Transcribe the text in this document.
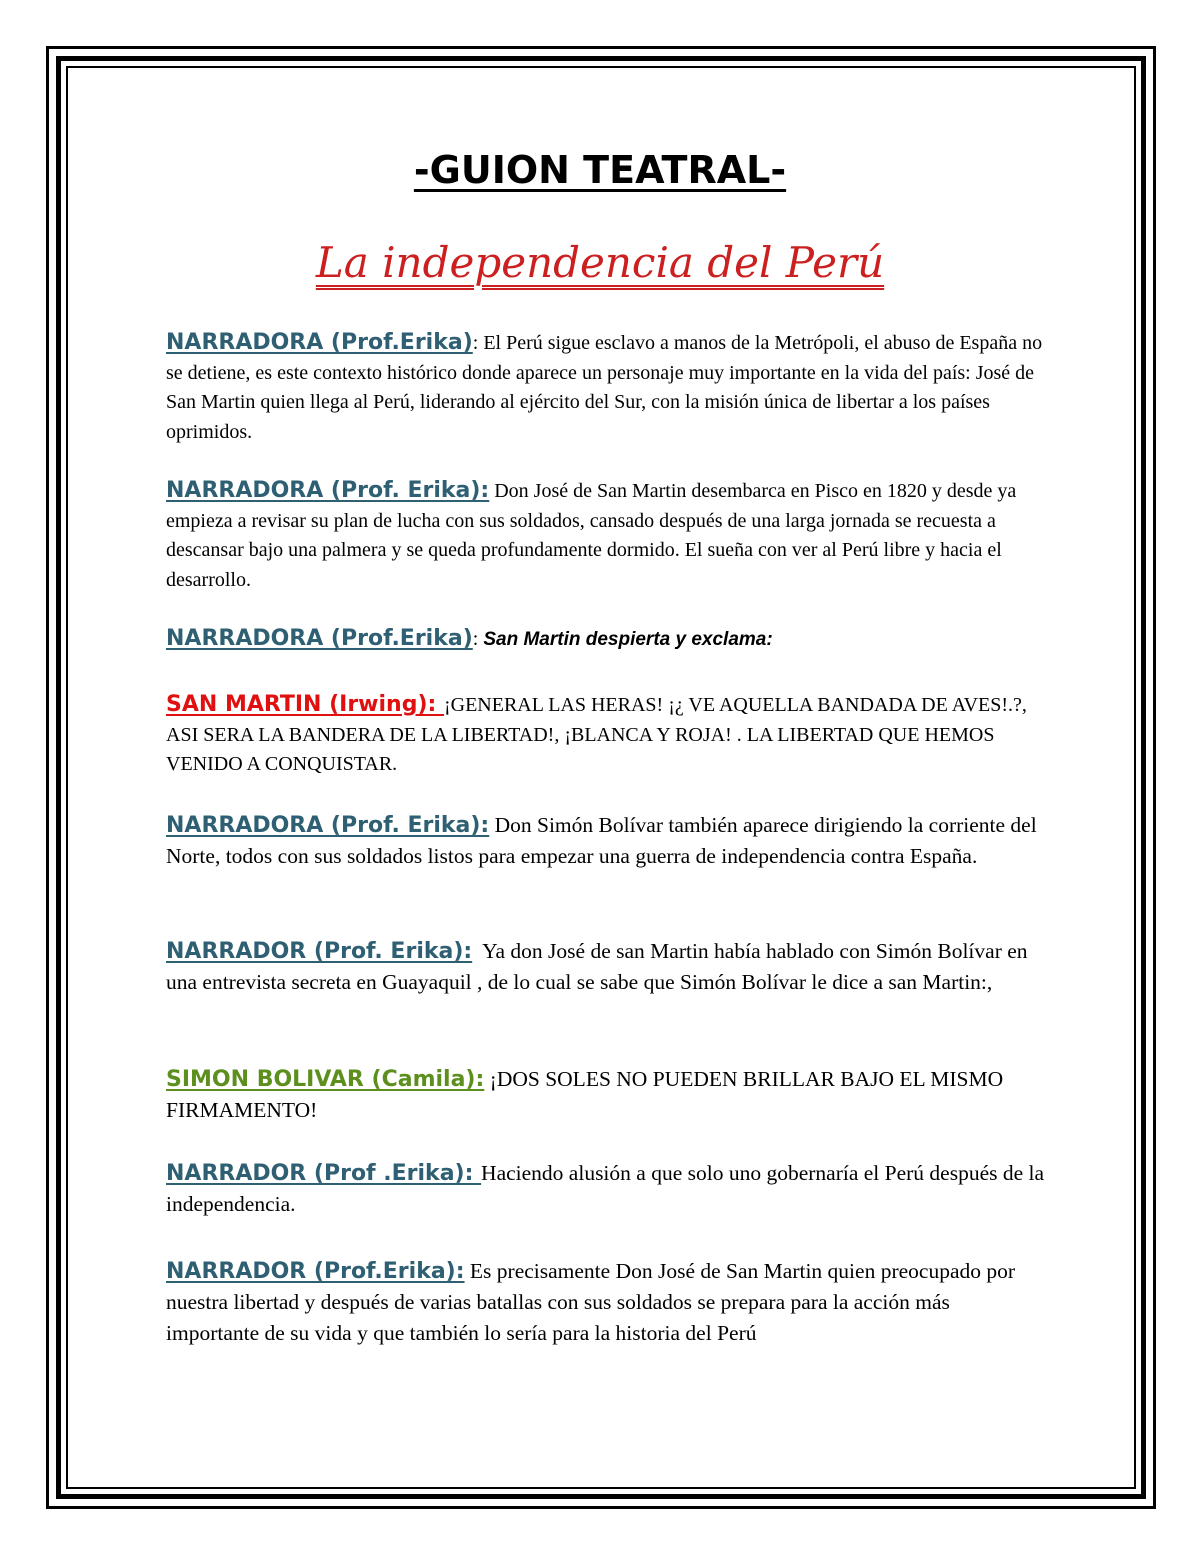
-GUION TEATRAL-
La independencia del Perú

NARRADORA (Prof.Erika): El Perú sigue esclavo a manos de la Metrópoli, el abuso de España no se detiene, es este contexto histórico donde aparece un personaje muy importante en la vida del país: José de San Martin quien llega al Perú, liderando al ejército del Sur, con la misión única de libertar a los países oprimidos.

NARRADORA (Prof. Erika): Don José de San Martin desembarca en Pisco en 1820 y desde ya empieza a revisar su plan de lucha con sus soldados, cansado después de una larga jornada se recuesta a descansar bajo una palmera y se queda profundamente dormido. El sueña con ver al Perú libre y hacia el desarrollo.

NARRADORA (Prof.Erika): San Martin despierta y exclama:

SAN MARTIN (Irwing): ¡GENERAL LAS HERAS! ¡¿ VE AQUELLA BANDADA DE AVES!.?, ASI SERA LA BANDERA DE LA LIBERTAD!, ¡BLANCA Y ROJA! . LA LIBERTAD QUE HEMOS VENIDO A CONQUISTAR.

NARRADORA (Prof. Erika): Don Simón Bolívar también aparece dirigiendo la corriente del Norte, todos con sus soldados listos para empezar una guerra de independencia contra España.

NARRADOR (Prof. Erika): Ya don José de san Martin había hablado con Simón Bolívar en una entrevista secreta en Guayaquil , de lo cual se sabe que Simón Bolívar le dice a san Martin:,

SIMON BOLIVAR (Camila): ¡DOS SOLES NO PUEDEN BRILLAR BAJO EL MISMO FIRMAMENTO!

NARRADOR (Prof .Erika): Haciendo alusión a que solo uno gobernaría el Perú después de la independencia.

NARRADOR (Prof.Erika): Es precisamente Don José de San Martin quien preocupado por nuestra libertad y después de varias batallas con sus soldados se prepara para la acción más importante de su vida y que también lo sería para la historia del Perú
